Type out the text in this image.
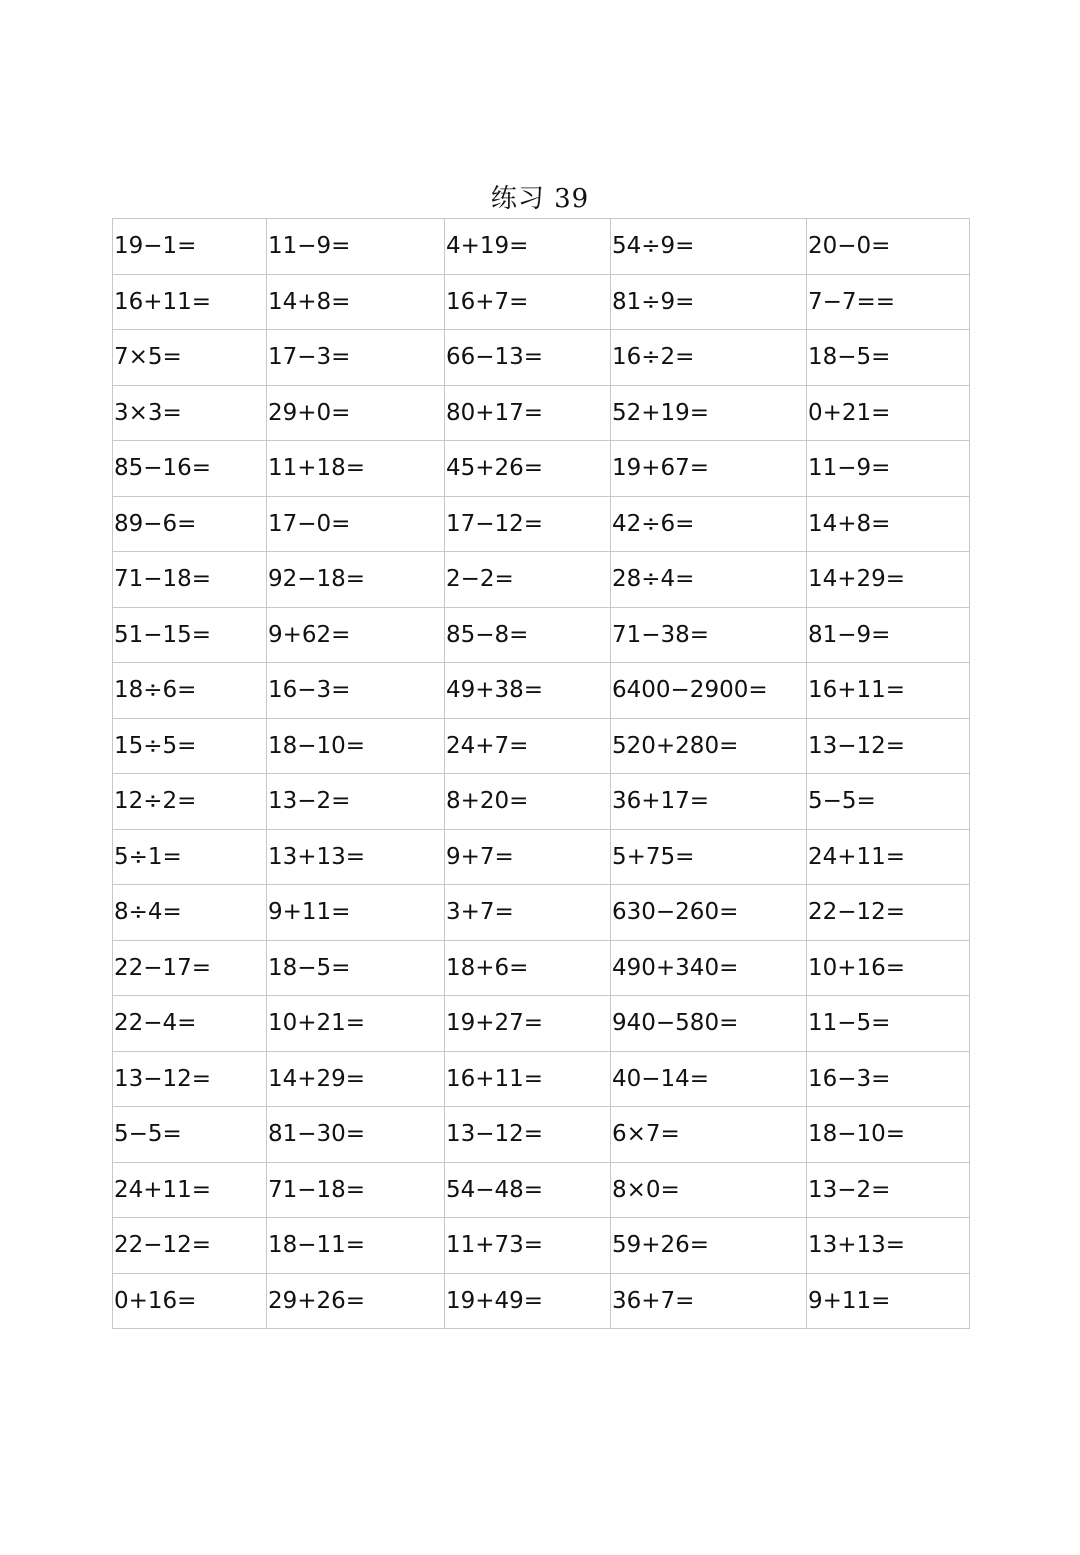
练习 39
19−1=	11−9=	4+19=	54÷9=	20−0=
16+11=	14+8=	16+7=	81÷9=	7−7==
7×5=	17−3=	66−13=	16÷2=	18−5=
3×3=	29+0=	80+17=	52+19=	0+21=
85−16=	11+18=	45+26=	19+67=	11−9=
89−6=	17−0=	17−12=	42÷6=	14+8=
71−18=	92−18=	2−2=	28÷4=	14+29=
51−15=	9+62=	85−8=	71−38=	81−9=
18÷6=	16−3=	49+38=	6400−2900=	16+11=
15÷5=	18−10=	24+7=	520+280=	13−12=
12÷2=	13−2=	8+20=	36+17=	5−5=
5÷1=	13+13=	9+7=	5+75=	24+11=
8÷4=	9+11=	3+7=	630−260=	22−12=
22−17=	18−5=	18+6=	490+340=	10+16=
22−4=	10+21=	19+27=	940−580=	11−5=
13−12=	14+29=	16+11=	40−14=	16−3=
5−5=	81−30=	13−12=	6×7=	18−10=
24+11=	71−18=	54−48=	8×0=	13−2=
22−12=	18−11=	11+73=	59+26=	13+13=
0+16=	29+26=	19+49=	36+7=	9+11=
